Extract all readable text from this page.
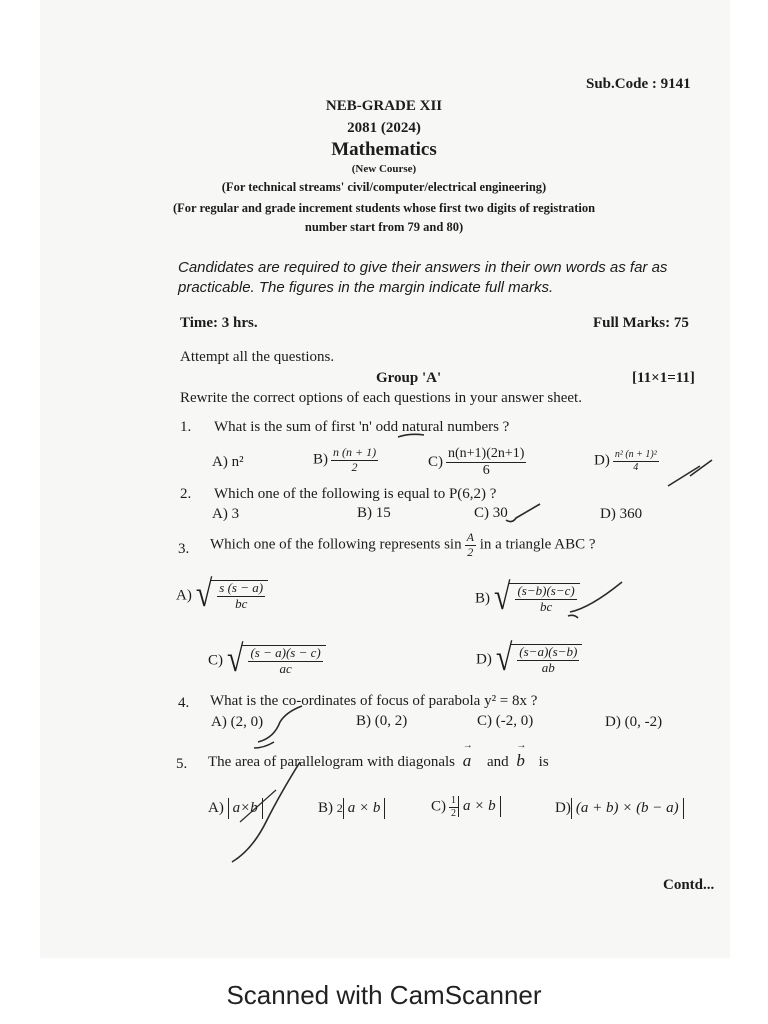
Sub.Code : 9141
NEB-GRADE XII
2081 (2024)
Mathematics
(New Course)
(For technical streams' civil/computer/electrical engineering)
(For regular and grade increment students whose first two digits of registration
number start from 79 and 80)
Candidates are required to give their answers in their own words as far as
practicable. The figures in the margin indicate full marks.
Time: 3 hrs.	Full Marks: 75
Attempt all the questions.
Group 'A'	[11×1=11]
Rewrite the correct options of each questions in your answer sheet.
1. What is the sum of first 'n' odd natural numbers ?
A) n²	$B) \frac{n (n + 1)}{2}$	$C) \frac{n(n+1)(2n+1)}{6}$	$D) \frac{\text{n² (n + 1)²}}{4}$
2. Which one of the following is equal to P(6,2) ?
A) 3	B) 15	C) 30	D) 360
3. Which one of the following represents $\sin \frac{A}{2}$ in a triangle ABC ?
A) √ $\frac{s (s - a)}{bc}$	B) √ $\frac{(s-b)(s-c)}{bc}$
C) √ $\frac{(s - a)(s - c)}{ac}$	D) √ $\frac{(s-a)(s-b)}{ab}$
4. What is the co-ordinates of focus of parabola y² = 8x ?
A) (2, 0)	B) (0, 2)	C) (-2, 0)	D) (0, -2)
5. The area of parallelogram with diagonals → a and → b is
A) a×b	B) 2 a × b	$C) \frac{1}{2}$ a × b	D) (a + b) × (b − a)
Contd...
Scanned with CamScanner
